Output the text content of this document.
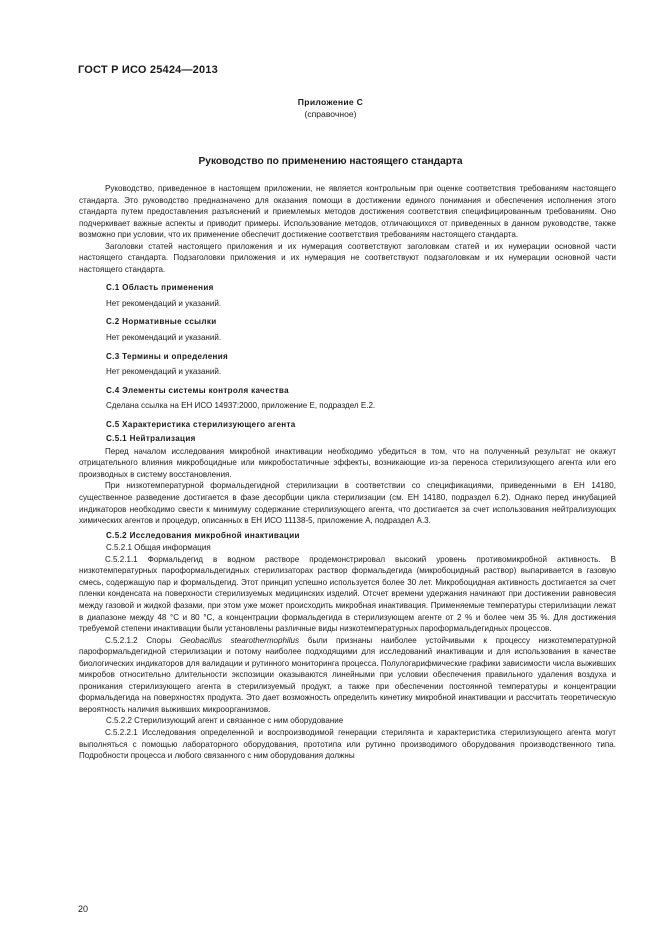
ГОСТ Р ИСО 25424—2013
Приложение С
(справочное)
Руководство по применению настоящего стандарта

Руководство, приведенное в настоящем приложении, не является контрольным при оценке соответствия требованиям настоящего стандарта. Это руководство предназначено для оказания помощи в достижении единого понимания и обеспечения исполнения этого стандарта путем предоставления разъяснений и приемлемых методов достижения соответствия специфицированным требованиям. Оно подчеркивает важные аспекты и приводит примеры. Использование методов, отличающихся от приведенных в данном руководстве, также возможно при условии, что их применение обеспечит достижение соответствия требованиям настоящего стандарта.

Заголовки статей настоящего приложения и их нумерация соответствуют заголовкам статей и их нумерации основной части настоящего стандарта. Подзаголовки приложения и их нумерация не соответствуют подзаголовкам и их нумерации основной части настоящего стандарта.

С.1 Область применения
Нет рекомендаций и указаний.
С.2 Нормативные ссылки
Нет рекомендаций и указаний.
С.3 Термины и определения
Нет рекомендаций и указаний.
С.4 Элементы системы контроля качества
Сделана ссылка на ЕН ИСО 14937:2000, приложение Е, подраздел Е.2.
С.5 Характеристика стерилизующего агента
С.5.1 Нейтрализация

Перед началом исследования микробной инактивации необходимо убедиться в том, что на полученный результат не окажут отрицательного влияния микробоцидные или микробостатичные эффекты, возникающие из-за переноса стерилизующего агента или его производных в систему восстановления.

При низкотемпературной формальдегидной стерилизации в соответствии со спецификациями, приведенными в ЕН 14180, существенное разведение достигается в фазе десорбции цикла стерилизации (см. ЕН 14180, подраздел 6.2). Однако перед инкубацией индикаторов необходимо свести к минимуму содержание стерилизующего агента, что достигается за счет использования нейтрализующих химических агентов и процедур, описанных в ЕН ИСО 11138-5, приложение А, подраздел А.3.

С.5.2 Исследования микробной инактивации
С.5.2.1 Общая информация

С.5.2.1.1 Формальдегид в водном растворе продемонстрировал высокий уровень противомикробной активность. В низкотемпературных пароформальдегидных стерилизаторах раствор формальдегида (микробоцидный раствор) выпаривается в газовую смесь, содержащую пар и формальдегид. Этот принцип успешно используется более 30 лет. Микробоцидная активность достигается за счет пленки конденсата на поверхности стерилизуемых медицинских изделий. Отсчет времени удержания начинают при достижении равновесия между газовой и жидкой фазами, при этом уже может происходить микробная инактивация. Применяемые температуры стерилизации лежат в диапазоне между 48 °С и 80 °С, а концентрации формальдегида в стерилизующем агенте от 2 % и более чем 35 %. Для достижения требуемой степени инактивации были установлены различные виды низкотемпературных пароформальдегидных процессов.

С.5.2.1.2 Споры Geobacillus stearothermophilus были признаны наиболее устойчивыми к процессу низкотемпературной пароформальдегидной стерилизации и потому наиболее подходящими для исследований инактивации и для использования в качестве биологических индикаторов для валидации и рутинного мониторинга процесса. Полулогарифмические графики зависимости числа выживших микробов относительно длительности экспозиции оказываются линейными при условии обеспечения правильного удаления воздуха и проникания стерилизующего агента в стерилизуемый продукт, а также при обеспечении постоянной температуры и концентрации формальдегида на поверхностях продукта. Это дает возможность определить кинетику микробной инактивации и рассчитать теоретическую вероятность наличия выживших микроорганизмов.

С.5.2.2 Стерилизующий агент и связанное с ним оборудование

С.5.2.2.1 Исследования определенной и воспроизводимой генерации стерилянта и характеристика стерилизующего агента могут выполняться с помощью лабораторного оборудования, прототипа или рутинно производимого оборудования производственного типа. Подробности процесса и любого связанного с ним оборудования должны

20
